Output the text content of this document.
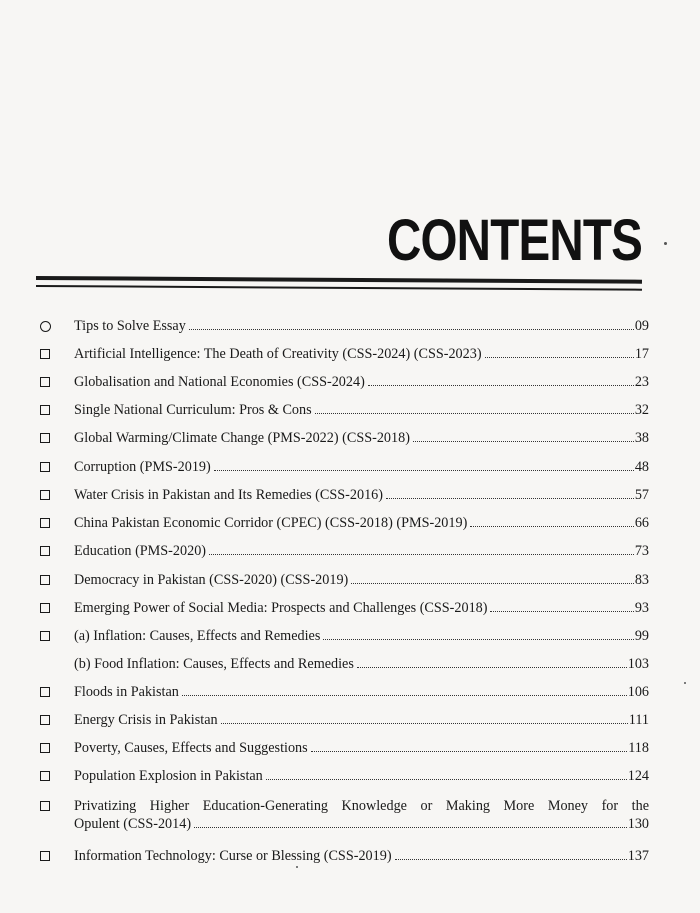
CONTENTS
Tips to Solve Essay	09
Artificial Intelligence: The Death of Creativity (CSS-2024) (CSS-2023)	17
Globalisation and National Economies (CSS-2024)	23
Single National Curriculum: Pros & Cons	32
Global Warming/Climate Change (PMS-2022) (CSS-2018)	38
Corruption (PMS-2019)	48
Water Crisis in Pakistan and Its Remedies (CSS-2016)	57
China Pakistan Economic Corridor (CPEC) (CSS-2018) (PMS-2019)	66
Education (PMS-2020)	73
Democracy in Pakistan (CSS-2020) (CSS-2019)	83
Emerging Power of Social Media: Prospects and Challenges (CSS-2018)	93
(a) Inflation: Causes, Effects and Remedies	99
(b) Food Inflation: Causes, Effects and Remedies	103
Floods in Pakistan	106
Energy Crisis in Pakistan	111
Poverty, Causes, Effects and Suggestions	118
Population Explosion in Pakistan	124
Privatizing Higher Education-Generating Knowledge or Making More Money for the
Opulent (CSS-2014)	130
Information Technology: Curse or Blessing (CSS-2019)	137
